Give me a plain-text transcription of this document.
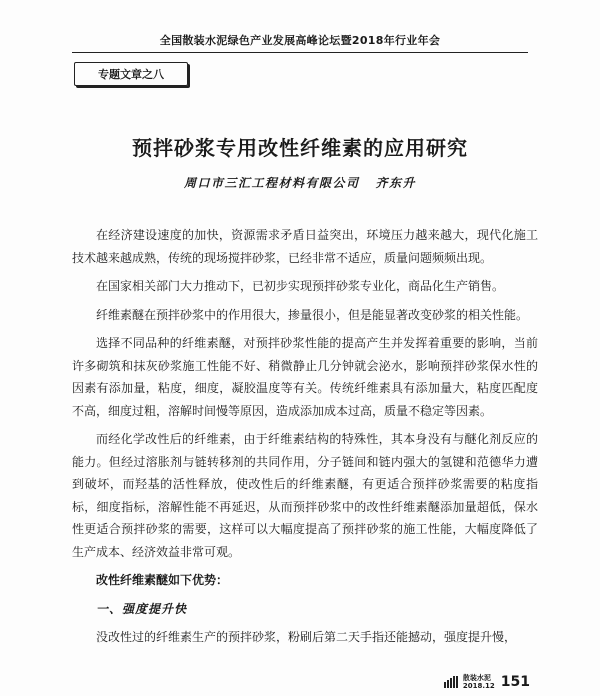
全国散装水泥绿色产业发展高峰论坛暨2018年行业年会
专题文章之八
预拌砂浆专用改性纤维素的应用研究
周口市三汇工程材料有限公司 齐东升

在经济建设速度的加快，资源需求矛盾日益突出，环境压力越来越大，现代化施工技术越来越成熟，传统的现场搅拌砂浆，已经非常不适应，质量问题频频出现。

在国家相关部门大力推动下，已初步实现预拌砂浆专业化，商品化生产销售。

纤维素醚在预拌砂浆中的作用很大，掺量很小，但是能显著改变砂浆的相关性能。

选择不同品种的纤维素醚，对预拌砂浆性能的提高产生并发挥着重要的影响，当前许多砌筑和抹灰砂浆施工性能不好、稍微静止几分钟就会泌水，影响预拌砂浆保水性的因素有添加量，粘度，细度，凝胶温度等有关。传统纤维素具有添加量大，粘度匹配度不高，细度过粗，溶解时间慢等原因，造成添加成本过高，质量不稳定等因素。

而经化学改性后的纤维素，由于纤维素结构的特殊性，其本身没有与醚化剂反应的能力。但经过溶胀剂与链转移剂的共同作用，分子链间和链内强大的氢键和范德华力遭到破坏，而羟基的活性释放，使改性后的纤维素醚，有更适合预拌砂浆需要的粘度指标，细度指标，溶解性能不再延迟，从而预拌砂浆中的改性纤维素醚添加量超低，保水性更适合预拌砂浆的需要，这样可以大幅度提高了预拌砂浆的施工性能，大幅度降低了生产成本、经济效益非常可观。

改性纤维素醚如下优势：

一、强度提升快

没改性过的纤维素生产的预拌砂浆，粉刷后第二天手指还能撼动，强度提升慢，

散装水泥
2018.12 151
